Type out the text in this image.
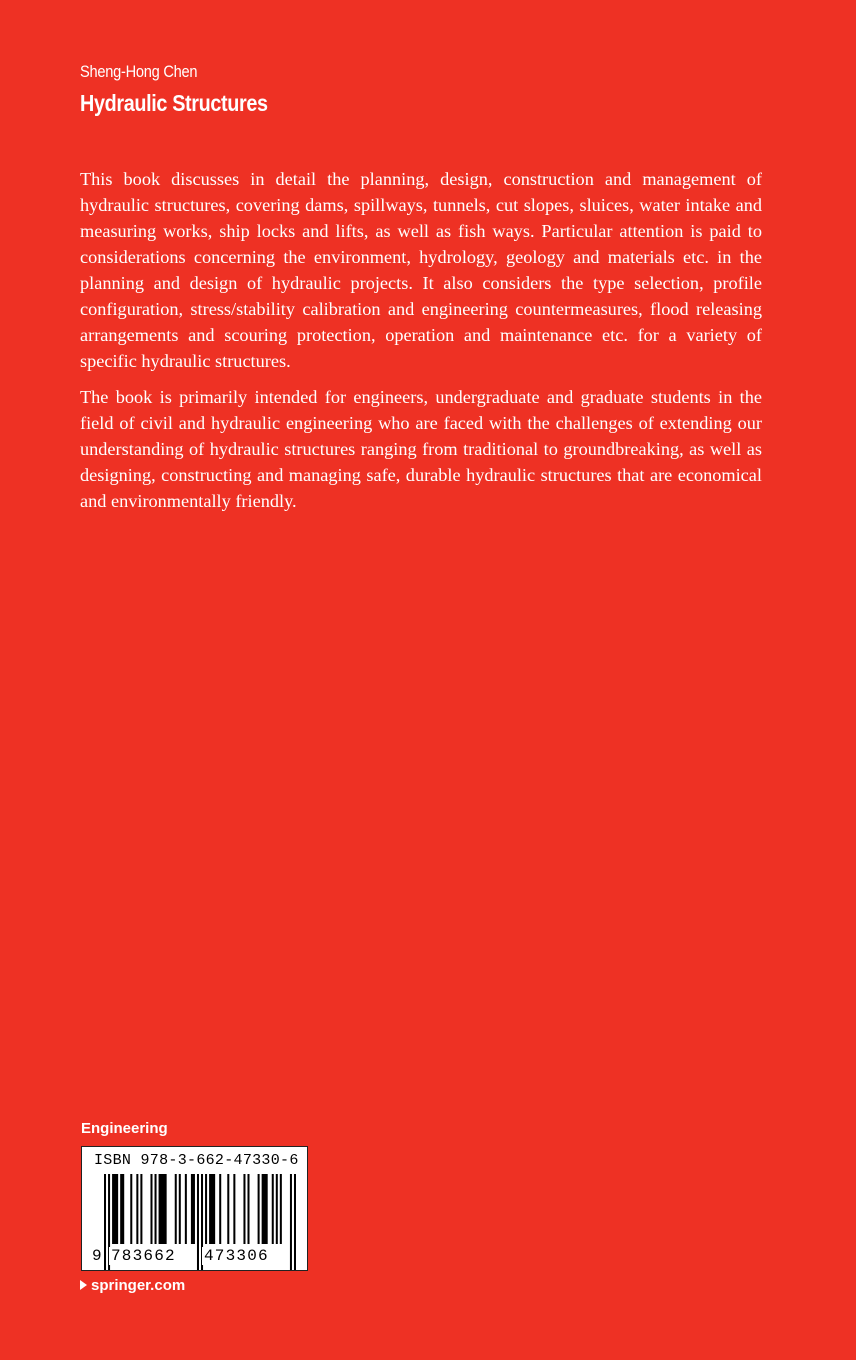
Sheng-Hong Chen
Hydraulic Structures

This book discusses in detail the planning, design, construction and management of hydraulic structures, covering dams, spillways, tunnels, cut slopes, sluices, water intake and measuring works, ship locks and lifts, as well as fish ways. Particular attention is paid to considerations concerning the environment, hydrology, geology and materials etc. in the planning and design of hydraulic projects. It also considers the type selection, profile configuration, stress/stability calibration and engineering countermeasures, flood releasing arrangements and scouring protection, operation and maintenance etc. for a variety of specific hydraulic structures.

The book is primarily intended for engineers, undergraduate and graduate students in the field of civil and hydraulic engineering who are faced with the challenges of extending our understanding of hydraulic structures ranging from traditional to groundbreaking, as well as designing, constructing and managing safe, durable hydraulic structures that are economical and environmentally friendly.

Engineering
ISBN 978-3-662-47330-6
9 783662 473306
springer.com
